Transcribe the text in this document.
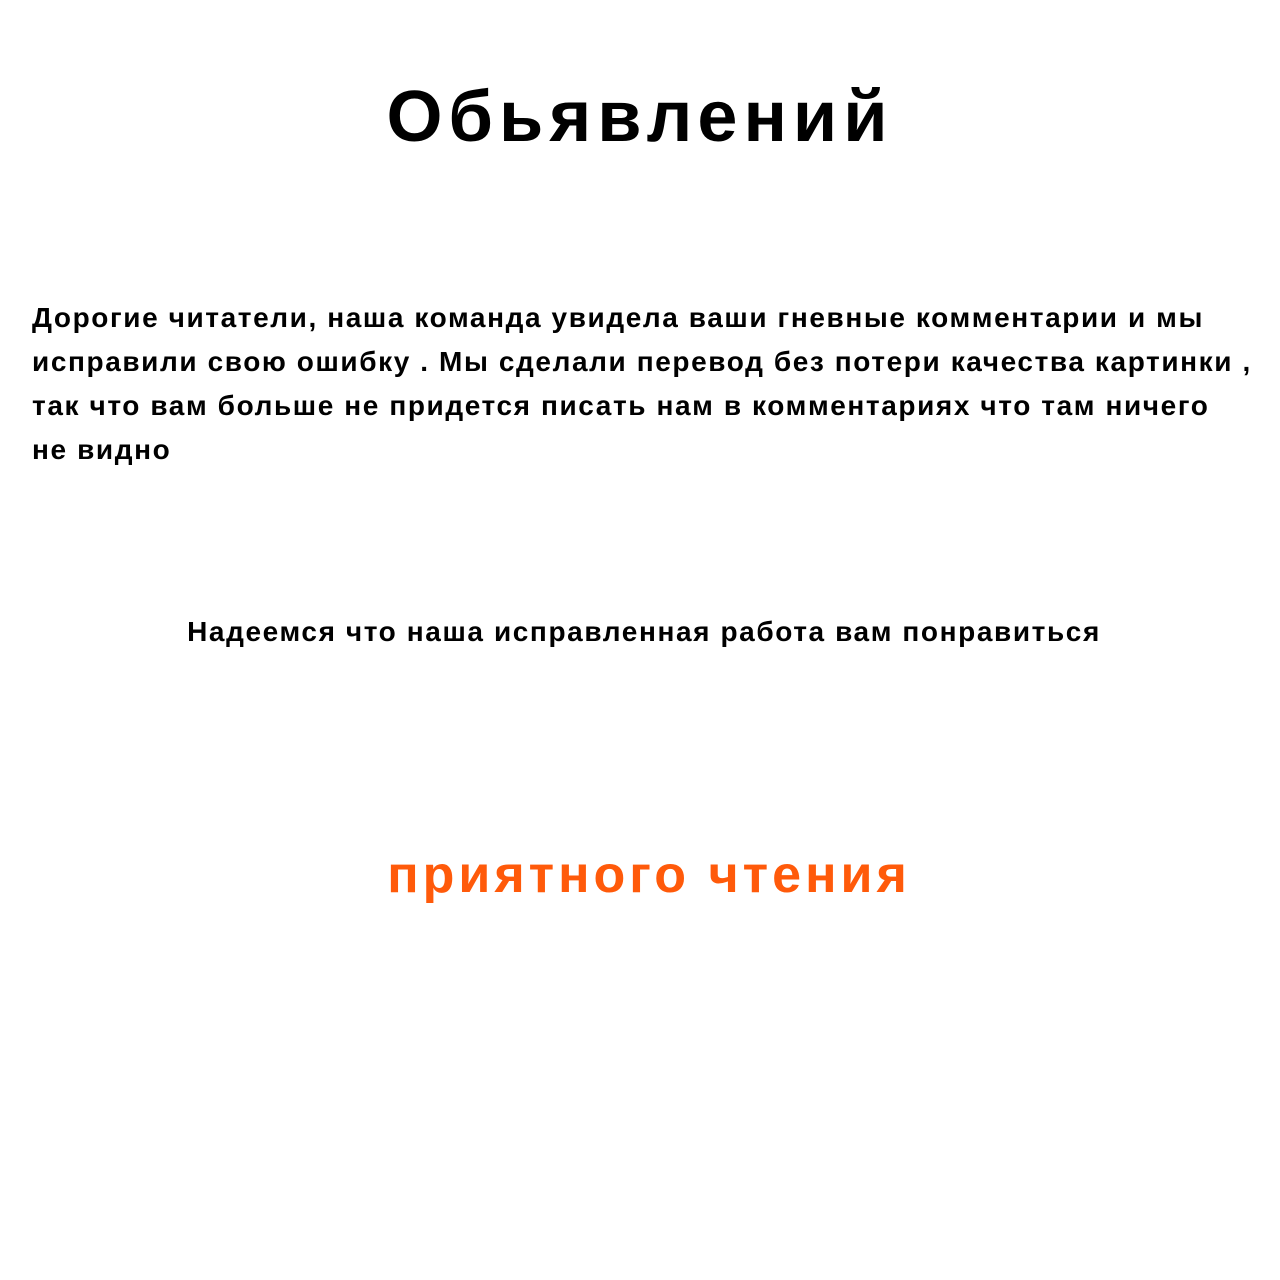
Обьявлений

Дорогие читатели, наша команда увидела ваши гневные комментарии и мы исправили свою ошибку . Мы сделали перевод без потери качества картинки , так что вам больше не придется писать нам в комментариях что там ничего не видно

Надеемся что наша исправленная работа вам понравиться

приятного чтения
